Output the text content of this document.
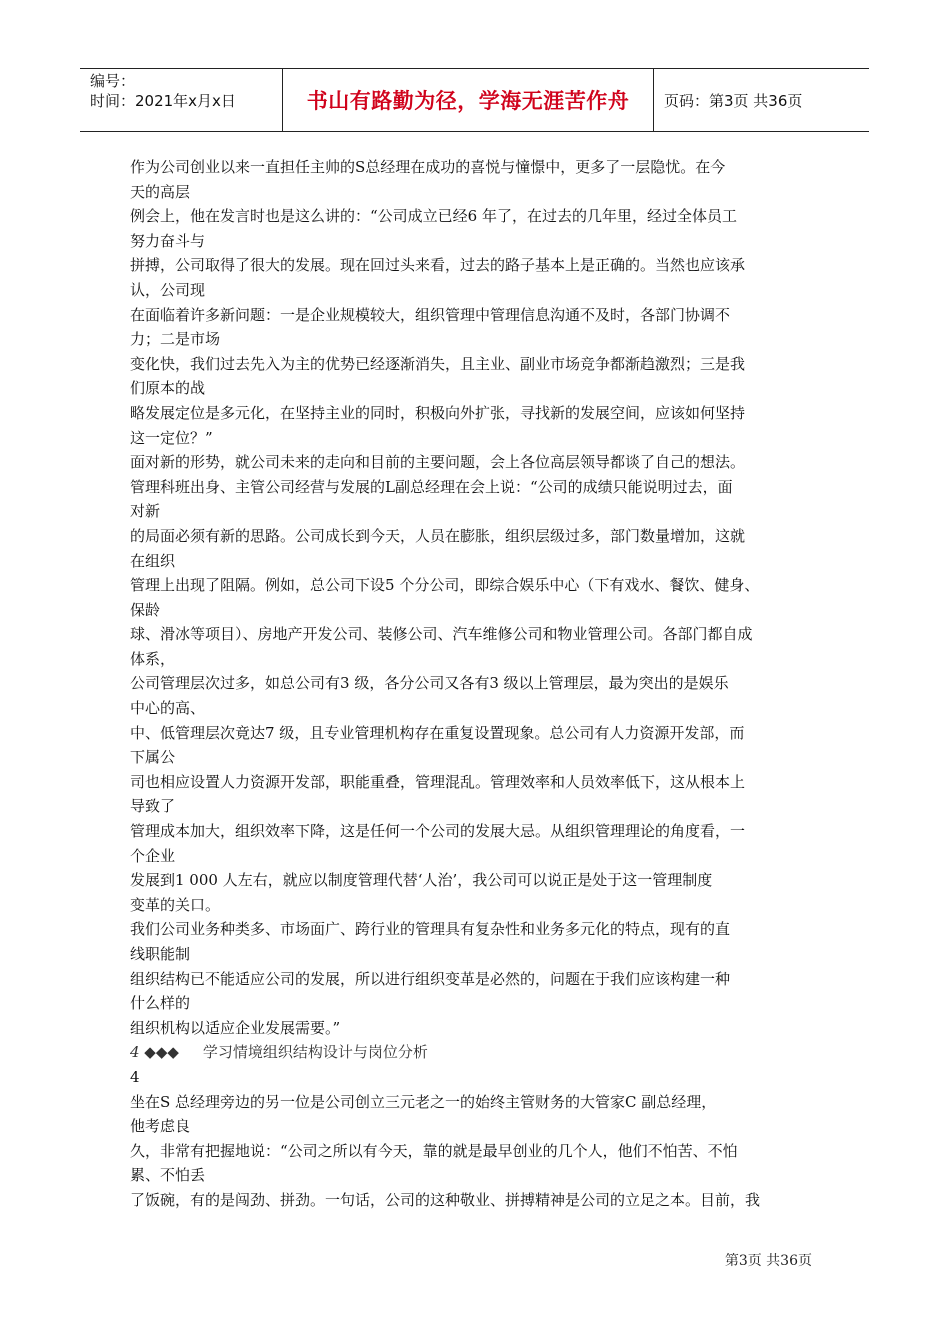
编号：
时间：2021年x月x日	书山有路勤为径，学海无涯苦作舟	页码：第3页 共36页
作为公司创业以来一直担任主帅的S总经理在成功的喜悦与憧憬中，更多了一层隐忧。在今
天的高层
例会上，他在发言时也是这么讲的：“公司成立已经6 年了，在过去的几年里，经过全体员工
努力奋斗与
拼搏，公司取得了很大的发展。现在回过头来看，过去的路子基本上是正确的。当然也应该承
认，公司现
在面临着许多新问题：一是企业规模较大，组织管理中管理信息沟通不及时，各部门协调不
力；二是市场
变化快，我们过去先入为主的优势已经逐渐消失，且主业、副业市场竞争都渐趋激烈；三是我
们原本的战
略发展定位是多元化，在坚持主业的同时，积极向外扩张，寻找新的发展空间，应该如何坚持
这一定位？”
面对新的形势，就公司未来的走向和目前的主要问题，会上各位高层领导都谈了自己的想法。
管理科班出身、主管公司经营与发展的L副总经理在会上说：“公司的成绩只能说明过去，面
对新
的局面必须有新的思路。公司成长到今天，人员在膨胀，组织层级过多，部门数量增加，这就
在组织
管理上出现了阻隔。例如，总公司下设5 个分公司，即综合娱乐中心（下有戏水、餐饮、健身、
保龄
球、滑冰等项目）、房地产开发公司、装修公司、汽车维修公司和物业管理公司。各部门都自成
体系，
公司管理层次过多，如总公司有3 级，各分公司又各有3 级以上管理层，最为突出的是娱乐
中心的高、
中、低管理层次竟达7 级，且专业管理机构存在重复设置现象。总公司有人力资源开发部，而
下属公
司也相应设置人力资源开发部，职能重叠，管理混乱。管理效率和人员效率低下，这从根本上
导致了
管理成本加大，组织效率下降，这是任何一个公司的发展大忌。从组织管理理论的角度看，一
个企业
发展到1 000 人左右，就应以制度管理代替‘人治’，我公司可以说正是处于这一管理制度
变革的关口。
我们公司业务种类多、市场面广、跨行业的管理具有复杂性和业务多元化的特点，现有的直
线职能制
组织结构已不能适应公司的发展，所以进行组织变革是必然的，问题在于我们应该构建一种
什么样的
组织机构以适应企业发展需要。”
4 ◆◆◆ 学习情境组织结构设计与岗位分析
4
坐在S 总经理旁边的另一位是公司创立三元老之一的始终主管财务的大管家C 副总经理，
他考虑良
久，非常有把握地说：“公司之所以有今天，靠的就是最早创业的几个人，他们不怕苦、不怕
累、不怕丢
了饭碗，有的是闯劲、拼劲。一句话，公司的这种敬业、拼搏精神是公司的立足之本。目前，我
第3页 共36页
